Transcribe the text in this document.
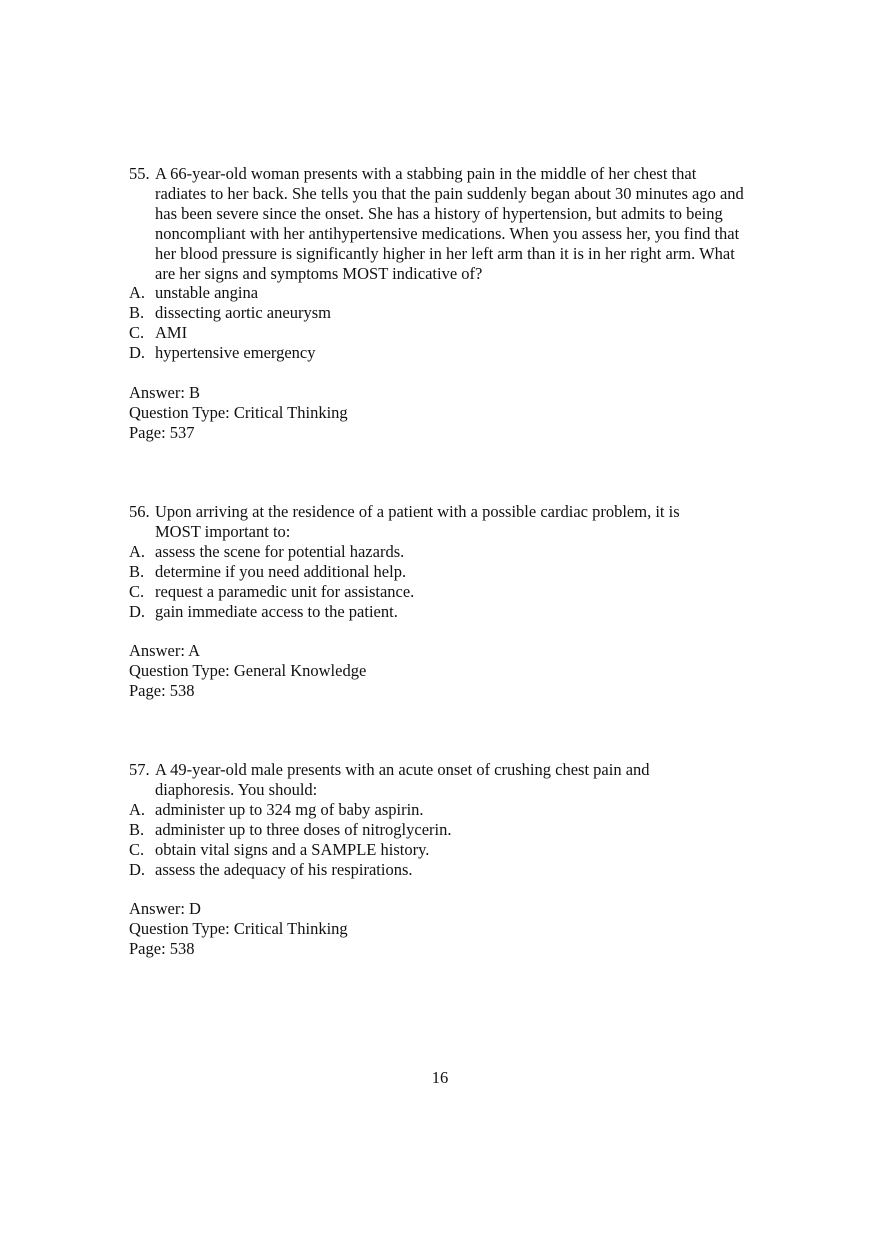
55. A 66-year-old woman presents with a stabbing pain in the middle of her chest that radiates to her back. She tells you that the pain suddenly began about 30 minutes ago and has been severe since the onset. She has a history of hypertension, but admits to being noncompliant with her antihypertensive medications. When you assess her, you find that her blood pressure is significantly higher in her left arm than it is in her right arm. What are her signs and symptoms MOST indicative of?

A. unstable angina
B. dissecting aortic aneurysm
C. AMI
D. hypertensive emergency
Answer: B
Question Type: Critical Thinking
Page: 537

56. Upon arriving at the residence of a patient with a possible cardiac problem, it is MOST important to:

A. assess the scene for potential hazards.
B. determine if you need additional help.
C. request a paramedic unit for assistance.
D. gain immediate access to the patient.
Answer: A
Question Type: General Knowledge
Page: 538

57. A 49-year-old male presents with an acute onset of crushing chest pain and diaphoresis. You should:

A. administer up to 324 mg of baby aspirin.
B. administer up to three doses of nitroglycerin.
C. obtain vital signs and a SAMPLE history.
D. assess the adequacy of his respirations.
Answer: D
Question Type: Critical Thinking
Page: 538
16
